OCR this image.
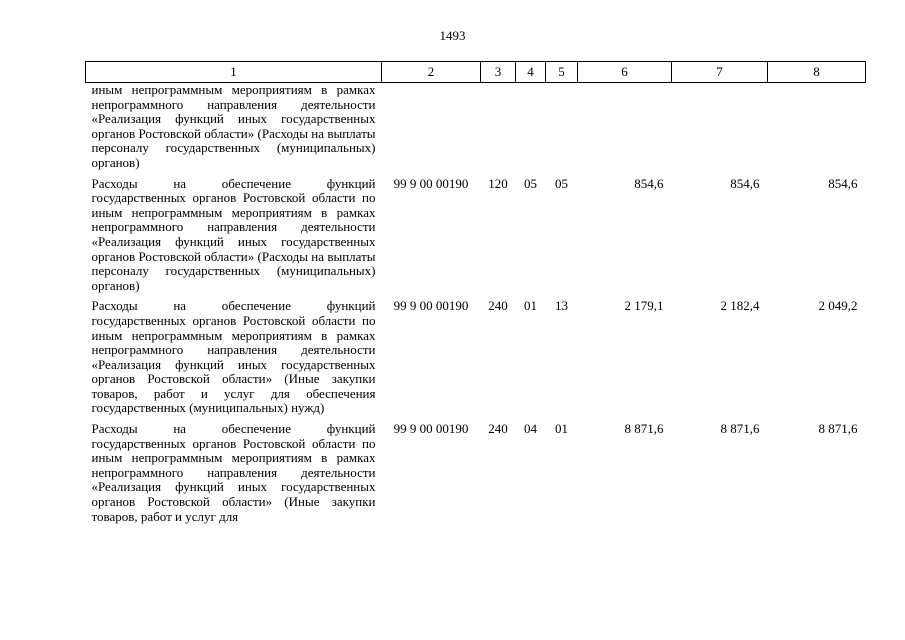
1493
1	2	3	4	5	6	7	8
иным непрограммным мероприятиям в рамках непрограммного направления деятельности «Реализация функций иных государственных органов Ростовской области» (Расходы на выплаты персоналу государственных (муниципальных) органов)							
Расходы на обеспечение функций государственных органов Ростовской области по иным непрограммным мероприятиям в рамках непрограммного направления деятельности «Реализация функций иных государственных органов Ростовской области» (Расходы на выплаты персоналу государственных (муниципальных) органов)	99 9 00 00190	120	05	05	854,6	854,6	854,6
Расходы на обеспечение функций государственных органов Ростовской области по иным непрограммным мероприятиям в рамках непрограммного направления деятельности «Реализация функций иных государственных органов Ростовской области» (Иные закупки товаров, работ и услуг для обеспечения государственных (муниципальных) нужд)	99 9 00 00190	240	01	13	2 179,1	2 182,4	2 049,2
Расходы на обеспечение функций государственных органов Ростовской области по иным непрограммным мероприятиям в рамках непрограммного направления деятельности «Реализация функций иных государственных органов Ростовской области» (Иные закупки товаров, работ и услуг для	99 9 00 00190	240	04	01	8 871,6	8 871,6	8 871,6
